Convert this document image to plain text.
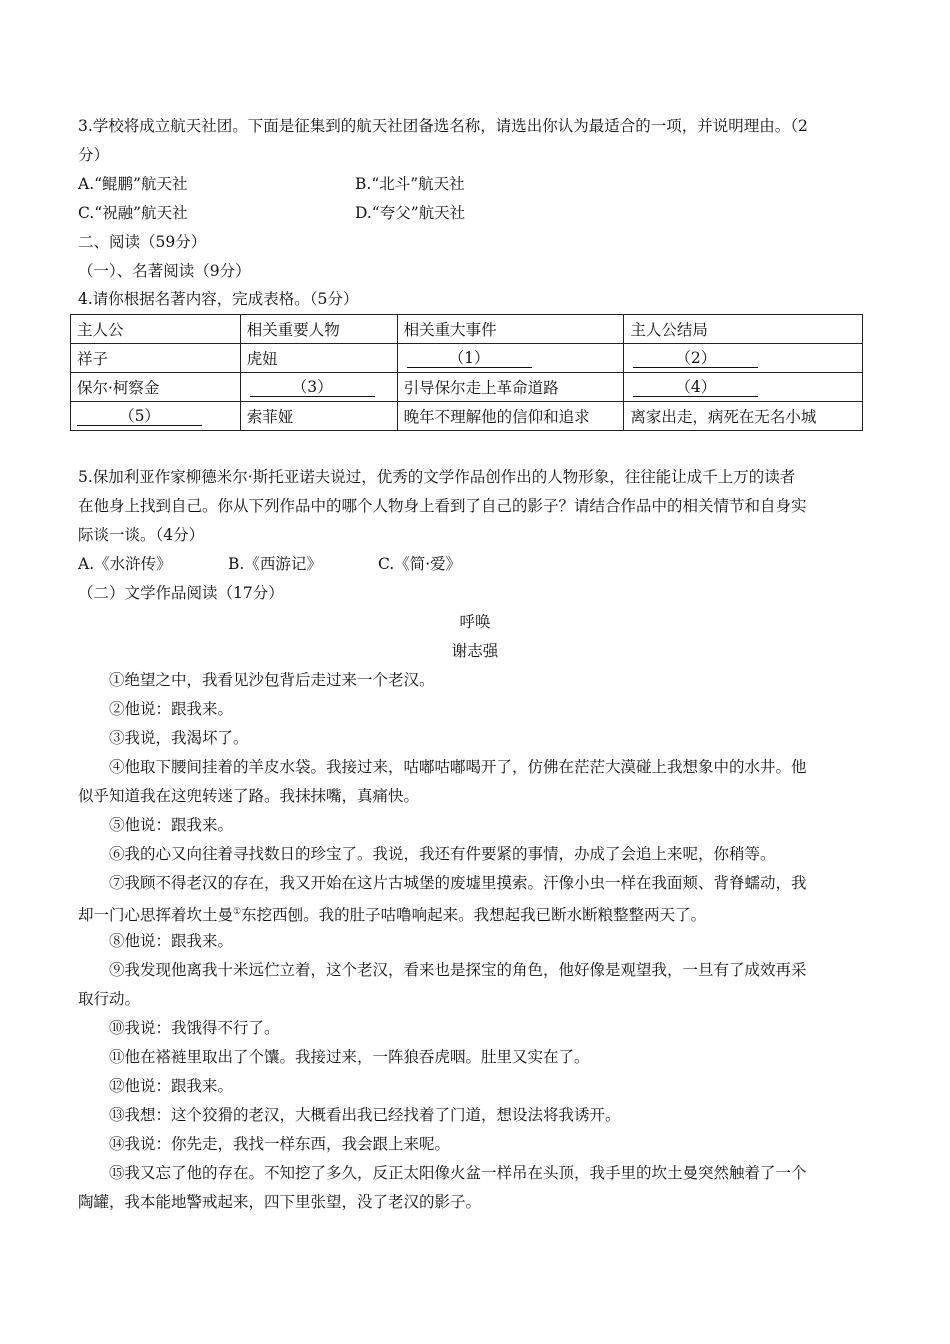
3.学校将成立航天社团。下面是征集到的航天社团备选名称，请选出你认为最适合的一项，并说明理由。（2
分）
A.“鲲鹏”航天社	B.“北斗”航天社
C.“祝融”航天社	D.“夸父”航天社
二、阅读（59分）
（一）、名著阅读（9分）
4.请你根据名著内容，完成表格。（5分）
主人公	相关重要人物	相关重大事件	主人公结局
祥子	虎妞	（1）	（2）
保尔·柯察金	（3）	引导保尔走上革命道路	（4）
（5）	索菲娅	晚年不理解他的信仰和追求	离家出走，病死在无名小城
5.保加利亚作家柳德米尔·斯托亚诺夫说过，优秀的文学作品创作出的人物形象，往往能让成千上万的读者
在他身上找到自己。你从下列作品中的哪个人物身上看到了自己的影子？请结合作品中的相关情节和自身实
际谈一谈。（4分）
A.《水浒传》	B.《西游记》	C.《简·爱》
（二）文学作品阅读（17分）
呼唤
谢志强
①绝望之中，我看见沙包背后走过来一个老汉。
②他说：跟我来。
③我说，我渴坏了。
④他取下腰间挂着的羊皮水袋。我接过来，咕嘟咕嘟喝开了，仿佛在茫茫大漠碰上我想象中的水井。他
似乎知道我在这兜转迷了路。我抹抹嘴，真痛快。
⑤他说：跟我来。
⑥我的心又向往着寻找数日的珍宝了。我说，我还有件要紧的事情，办成了会追上来呢，你稍等。
⑦我顾不得老汉的存在，我又开始在这片古城堡的废墟里摸索。汗像小虫一样在我面颊、背脊蠕动，我
却一门心思挥着坎土曼①东挖西刨。我的肚子咕噜响起来。我想起我已断水断粮整整两天了。
⑧他说：跟我来。
⑨我发现他离我十米远伫立着，这个老汉，看来也是探宝的角色，他好像是观望我，一旦有了成效再采
取行动。
⑩我说：我饿得不行了。
⑪他在褡裢里取出了个馕。我接过来，一阵狼吞虎咽。肚里又实在了。
⑫他说：跟我来。
⑬我想：这个狡猾的老汉，大概看出我已经找着了门道，想设法将我诱开。
⑭我说：你先走，我找一样东西，我会跟上来呢。
⑮我又忘了他的存在。不知挖了多久，反正太阳像火盆一样吊在头顶，我手里的坎土曼突然触着了一个
陶罐，我本能地警戒起来，四下里张望，没了老汉的影子。
